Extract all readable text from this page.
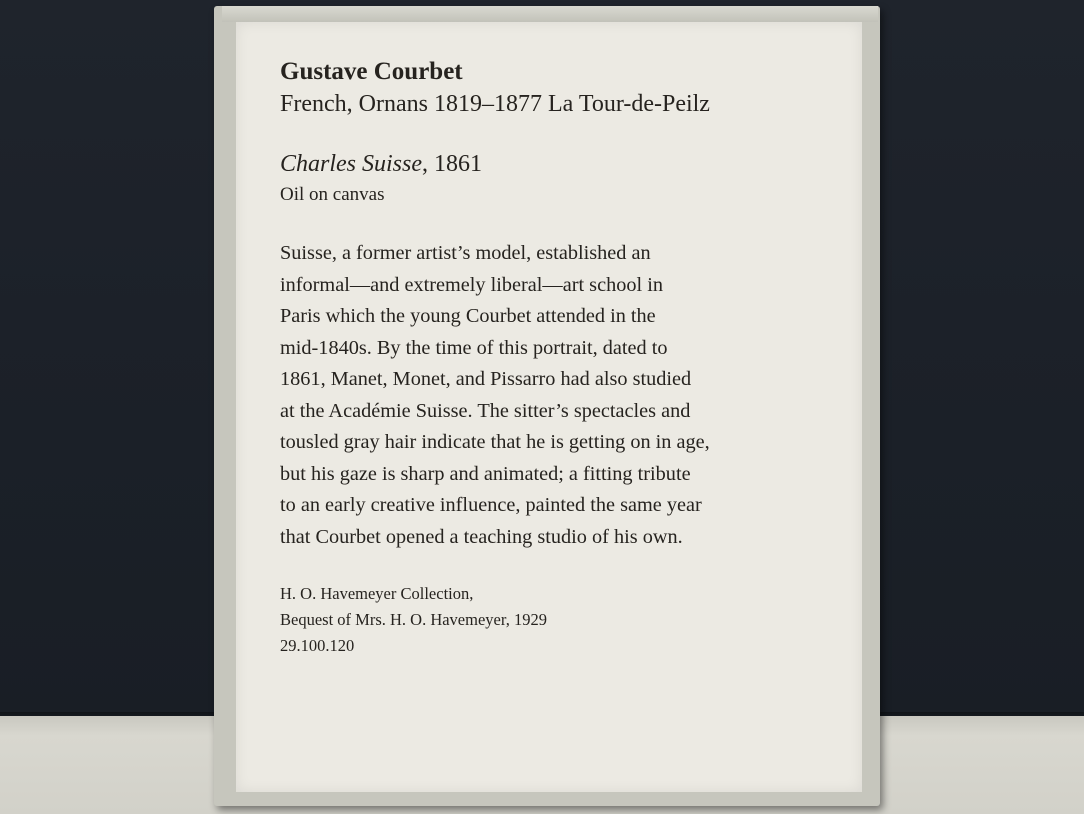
Gustave Courbet

French, Ornans 1819–1877 La Tour-de-Peilz

Charles Suisse, 1861
Oil on canvas
Suisse, a former artist’s model, established an
informal—and extremely liberal—art school in
Paris which the young Courbet attended in the
mid-1840s. By the time of this portrait, dated to
1861, Manet, Monet, and Pissarro had also studied
at the Académie Suisse. The sitter’s spectacles and
tousled gray hair indicate that he is getting on in age,
but his gaze is sharp and animated; a fitting tribute
to an early creative influence, painted the same year
that Courbet opened a teaching studio of his own.
H. O. Havemeyer Collection,
Bequest of Mrs. H. O. Havemeyer, 1929
29.100.120
